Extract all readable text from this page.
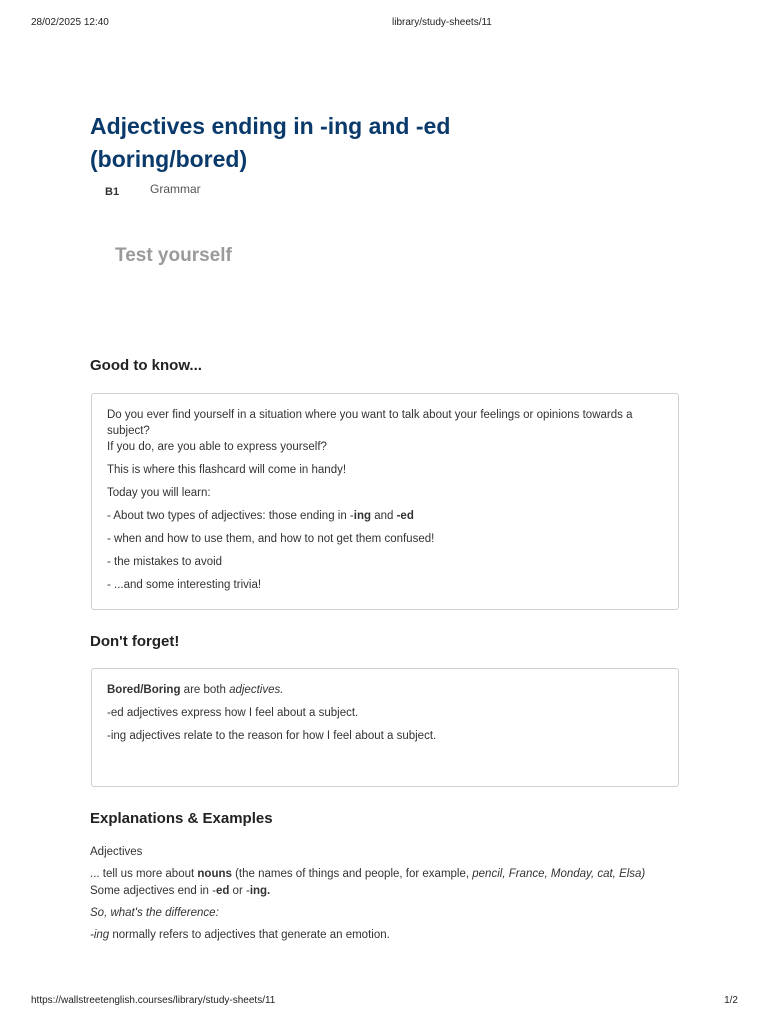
28/02/2025 12:40	library/study-sheets/11
Adjectives ending in -ing and -ed (boring/bored)
B1	Grammar
Test yourself
Good to know...

Do you ever find yourself in a situation where you want to talk about your feelings or opinions towards a subject?

If you do, are you able to express yourself?

This is where this flashcard will come in handy!

Today you will learn:

- About two types of adjectives: those ending in -ing and -ed

- when and how to use them, and how to not get them confused!

- the mistakes to avoid

- ...and some interesting trivia!

Don't forget!

Bored/Boring are both adjectives.

-ed adjectives express how I feel about a subject.

-ing adjectives relate to the reason for how I feel about a subject.

Explanations & Examples

Adjectives

... tell us more about nouns (the names of things and people, for example, pencil, France, Monday, cat, Elsa)

Some adjectives end in -ed or -ing.

So, what's the difference:

-ing normally refers to adjectives that generate an emotion.

https://wallstreetenglish.courses/library/study-sheets/11	1/2
